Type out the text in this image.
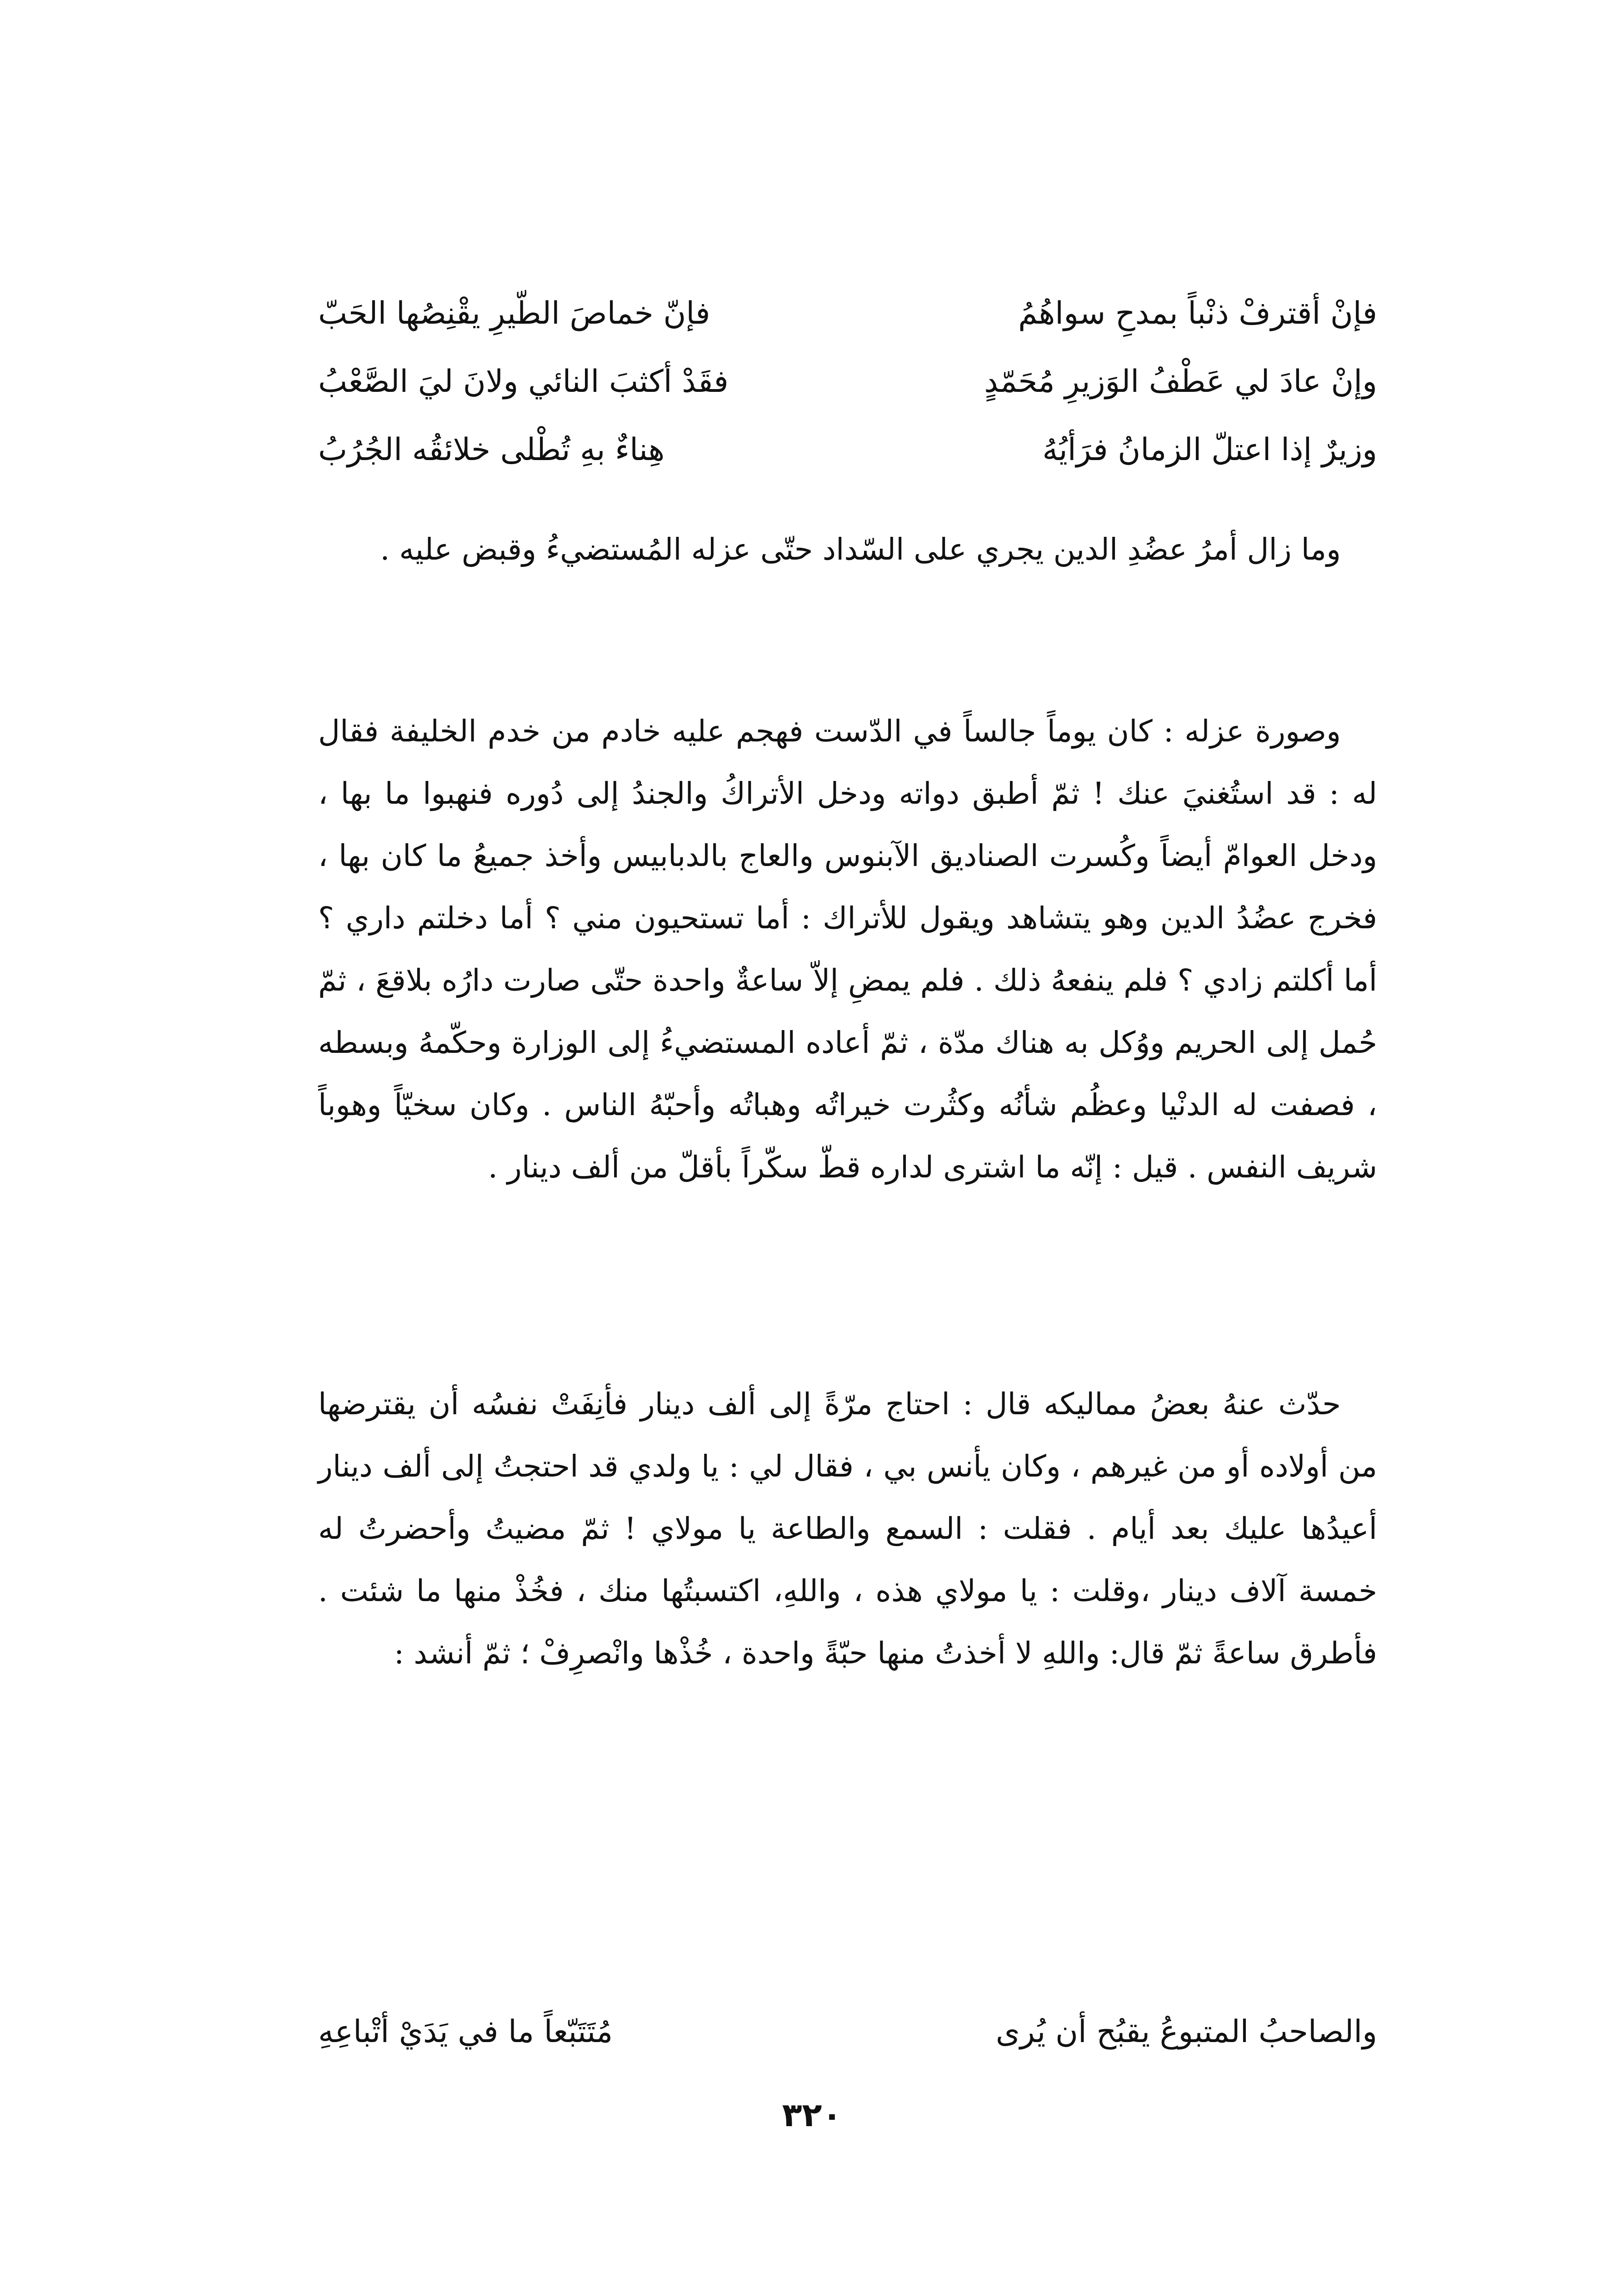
فإنْ أقترفْ ذنْباً بمدحِ سواهُمُ
فإنّ خماصَ الطّيرِ يقْنِصُها الحَبّ
وإنْ عادَ لي عَطْفُ الوَزيرِ مُحَمّدٍ
فقَدْ أكثبَ النائي ولانَ ليَ الصَّعْبُ
وزيرٌ إذا اعتلّ الزمانُ فرَأيُهُ
هِناءٌ بهِ تُطْلى خلائقُه الجُرُبُ

وما زال أمرُ عضُدِ الدين يجري على السّداد حتّى عزله المُستضيءُ وقبض عليه .

وصورة عزله : كان يوماً جالساً في الدّست فهجم عليه خادم من خدم الخليفة فقال له : قد استُغنيَ عنك ! ثمّ أطبق دواته ودخل الأتراكُ والجندُ إلى دُوره فنهبوا ما بها ، ودخل العوامّ أيضاً وكُسرت الصناديق الآبنوس والعاج بالدبابيس وأخذ جميعُ ما كان بها ، فخرج عضُدُ الدين وهو يتشاهد ويقول للأتراك : أما تستحيون مني ؟ أما دخلتم داري ؟ أما أكلتم زادي ؟ فلم ينفعهُ ذلك . فلم يمضِ إلاّ ساعةٌ واحدة حتّى صارت دارُه بلاقعَ ، ثمّ حُمل إلى الحريم ووُكل به هناك مدّة ، ثمّ أعاده المستضيءُ إلى الوزارة وحكّمهُ وبسطه ، فصفت له الدنْيا وعظُم شأنُه وكثُرت خيراتُه وهباتُه وأحبّهُ الناس . وكان سخيّاً وهوباً شريف النفس . قيل : إنّه ما اشترى لداره قطّ سكّراً بأقلّ من ألف دينار .

حدّث عنهُ بعضُ مماليكه قال : احتاج مرّةً إلى ألف دينار فأنِفَتْ نفسُه أن يقترضها من أولاده أو من غيرهم ، وكان يأنس بي ، فقال لي : يا ولدي قد احتجتُ إلى ألف دينار أعيدُها عليك بعد أيام . فقلت : السمع والطاعة يا مولاي ! ثمّ مضيتُ وأحضرتُ له خمسة آلاف دينار ،وقلت : يا مولاي هذه ، واللهِ، اكتسبتُها منك ، فخُذْ منها ما شئت . فأطرق ساعةً ثمّ قال: واللهِ لا أخذتُ منها حبّةً واحدة ، خُذْها وانْصرِفْ ؛ ثمّ أنشد :

والصاحبُ المتبوعُ يقبُح أن يُرى
مُتَتَبّعاً ما في يَدَيْ أتْباعِهِ
٣٢٠
